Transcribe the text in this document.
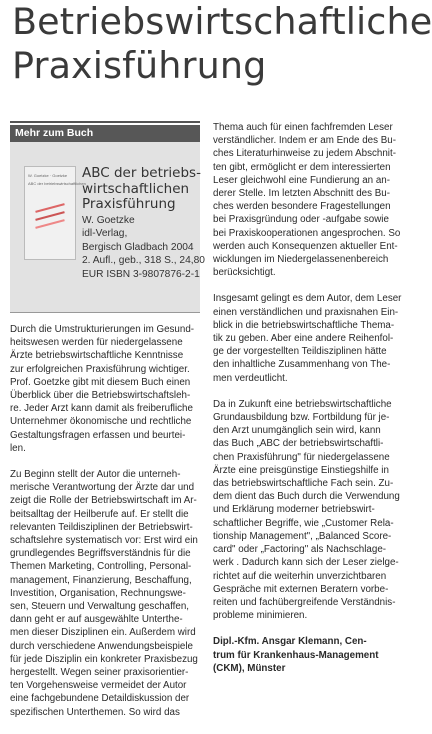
Betriebswirtschaftliche
Praxisführung
Mehr zum Buch
W. Goetzke · Goetzke
ABC der betriebswirtschaftlichen
ABC der betriebs-
wirtschaftlichen
Praxisführung
W. Goetzke
idl-Verlag,
Bergisch Gladbach 2004
2. Aufl., geb., 318 S., 24,80
EUR ISBN 3-9807876-2-1

Durch die Umstrukturierungen im Gesund-
heitswesen werden für niedergelassene
Ärzte betriebswirtschaftliche Kenntnisse
zur erfolgreichen Praxisführung wichtiger.
Prof. Goetzke gibt mit diesem Buch einen
Überblick über die Betriebswirtschaftsleh-
re. Jeder Arzt kann damit als freiberufliche
Unternehmer ökonomische und rechtliche
Gestaltungsfragen erfassen und beurtei-
len.

Zu Beginn stellt der Autor die unterneh-
merische Verantwortung der Ärzte dar und
zeigt die Rolle der Betriebswirtschaft im Ar-
beitsalltag der Heilberufe auf. Er stellt die
relevanten Teildisziplinen der Betriebswirt-
schaftslehre systematisch vor: Erst wird ein
grundlegendes Begriffsverständnis für die
Themen Marketing, Controlling, Personal-
management, Finanzierung, Beschaffung,
Investition, Organisation, Rechnungswe-
sen, Steuern und Verwaltung geschaffen,
dann geht er auf ausgewählte Unterthe-
men dieser Disziplinen ein. Außerdem wird
durch verschiedene Anwendungsbeispiele
für jede Disziplin ein konkreter Praxisbezug
hergestellt. Wegen seiner praxisorientier-
ten Vorgehensweise vermeidet der Autor
eine fachgebundene Detaildiskussion der
spezifischen Unterthemen. So wird das

Thema auch für einen fachfremden Leser
verständlicher. Indem er am Ende des Bu-
ches Literaturhinweise zu jedem Abschnit-
ten gibt, ermöglicht er dem interessierten
Leser gleichwohl eine Fundierung an an-
derer Stelle. Im letzten Abschnitt des Bu-
ches werden besondere Fragestellungen
bei Praxisgründung oder -aufgabe sowie
bei Praxiskooperationen angesprochen. So
werden auch Konsequenzen aktueller Ent-
wicklungen im Niedergelassenenbereich
berücksichtigt.

Insgesamt gelingt es dem Autor, dem Leser
einen verständlichen und praxisnahen Ein-
blick in die betriebswirtschaftliche Thema-
tik zu geben. Aber eine andere Reihenfol-
ge der vorgestellten Teildisziplinen hätte
den inhaltliche Zusammenhang von The-
men verdeutlicht.

Da in Zukunft eine betriebswirtschaftliche
Grundausbildung bzw. Fortbildung für je-
den Arzt unumgänglich sein wird, kann
das Buch „ABC der betriebswirtschaftli-
chen Praxisführung" für niedergelassene
Ärzte eine preisgünstige Einstiegshilfe in
das betriebswirtschaftliche Fach sein. Zu-
dem dient das Buch durch die Verwendung
und Erklärung moderner betriebswirt-
schaftlicher Begriffe, wie „Customer Rela-
tionship Management", „Balanced Score-
card" oder „Factoring" als Nachschlage-
werk . Dadurch kann sich der Leser zielge-
richtet auf die weiterhin unverzichtbaren
Gespräche mit externen Beratern vorbe-
reiten und fachübergreifende Verständnis-
probleme minimieren.

Dipl.-Kfm. Ansgar Klemann, Cen-
trum für Krankenhaus-Management
(CKM), Münster
